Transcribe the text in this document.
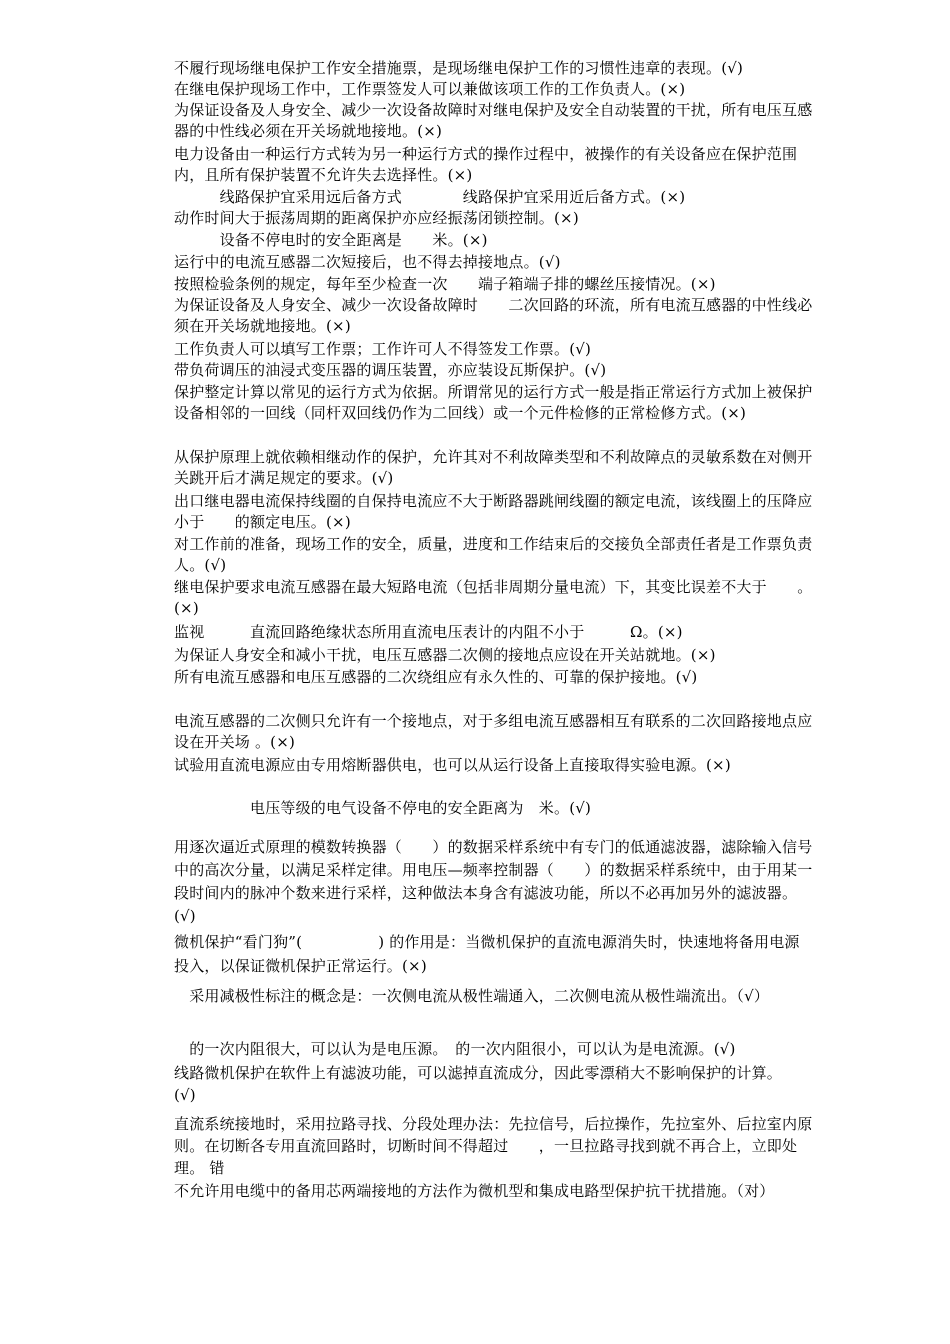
不履行现场继电保护工作安全措施票，是现场继电保护工作的习惯性违章的表现。(√)
在继电保护现场工作中，工作票签发人可以兼做该项工作的工作负责人。(×)
为保证设备及人身安全、减少一次设备故障时对继电保护及安全自动装置的干扰，所有电压互感器的中性线必须在开关场就地接地。(×)
电力设备由一种运行方式转为另一种运行方式的操作过程中，被操作的有关设备应在保护范围内，且所有保护装置不允许失去选择性。(×)
　　　线路保护宜采用远后备方式　　　　线路保护宜采用近后备方式。(×)
动作时间大于振荡周期的距离保护亦应经振荡闭锁控制。(×)
　　　设备不停电时的安全距离是　　米。(×)
运行中的电流互感器二次短接后，也不得去掉接地点。(√)
按照检验条例的规定，每年至少检查一次　　端子箱端子排的螺丝压接情况。(×)
为保证设备及人身安全、减少一次设备故障时　　二次回路的环流，所有电流互感器的中性线必须在开关场就地接地。(×)
工作负责人可以填写工作票；工作许可人不得签发工作票。(√)
带负荷调压的油浸式变压器的调压装置，亦应装设瓦斯保护。(√)
保护整定计算以常见的运行方式为依据。所谓常见的运行方式一般是指正常运行方式加上被保护设备相邻的一回线（同杆双回线仍作为二回线）或一个元件检修的正常检修方式。(×)
从保护原理上就依赖相继动作的保护，允许其对不利故障类型和不利故障点的灵敏系数在对侧开关跳开后才满足规定的要求。(√)
出口继电器电流保持线圈的自保持电流应不大于断路器跳闸线圈的额定电流，该线圈上的压降应小于　　的额定电压。(×)
对工作前的准备，现场工作的安全，质量，进度和工作结束后的交接负全部责任者是工作票负责人。(√)
继电保护要求电流互感器在最大短路电流（包括非周期分量电流）下，其变比误差不大于　　。(×)
监视　　　直流回路绝缘状态所用直流电压表计的内阻不小于　　　Ω。(×)
为保证人身安全和减小干扰，电压互感器二次侧的接地点应设在开关站就地。(×)
所有电流互感器和电压互感器的二次绕组应有永久性的、可靠的保护接地。(√)
电流互感器的二次侧只允许有一个接地点，对于多组电流互感器相互有联系的二次回路接地点应设在开关场 。(×)
试验用直流电源应由专用熔断器供电，也可以从运行设备上直接取得实验电源。(×)
　　　　　电压等级的电气设备不停电的安全距离为　米。(√)
用逐次逼近式原理的模数转换器（　　）的数据采样系统中有专门的低通滤波器，滤除输入信号中的高次分量，以满足采样定律。用电压—频率控制器（　　）的数据采样系统中，由于用某一段时间内的脉冲个数来进行采样，这种做法本身含有滤波功能，所以不必再加另外的滤波器。(√)
微机保护“看门狗”(　　　　　) 的作用是：当微机保护的直流电源消失时，快速地将备用电源投入，以保证微机保护正常运行。(×)
　采用减极性标注的概念是：一次侧电流从极性端通入，二次侧电流从极性端流出。（√）
　的一次内阻很大，可以认为是电压源。　的一次内阻很小，可以认为是电流源。(√)
线路微机保护在软件上有滤波功能，可以滤掉直流成分，因此零漂稍大不影响保护的计算。　　(√)
直流系统接地时，采用拉路寻找、分段处理办法：先拉信号，后拉操作，先拉室外、后拉室内原则。在切断各专用直流回路时，切断时间不得超过　　，一旦拉路寻找到就不再合上，立即处理。 错
不允许用电缆中的备用芯两端接地的方法作为微机型和集成电路型保护抗干扰措施。（对）
